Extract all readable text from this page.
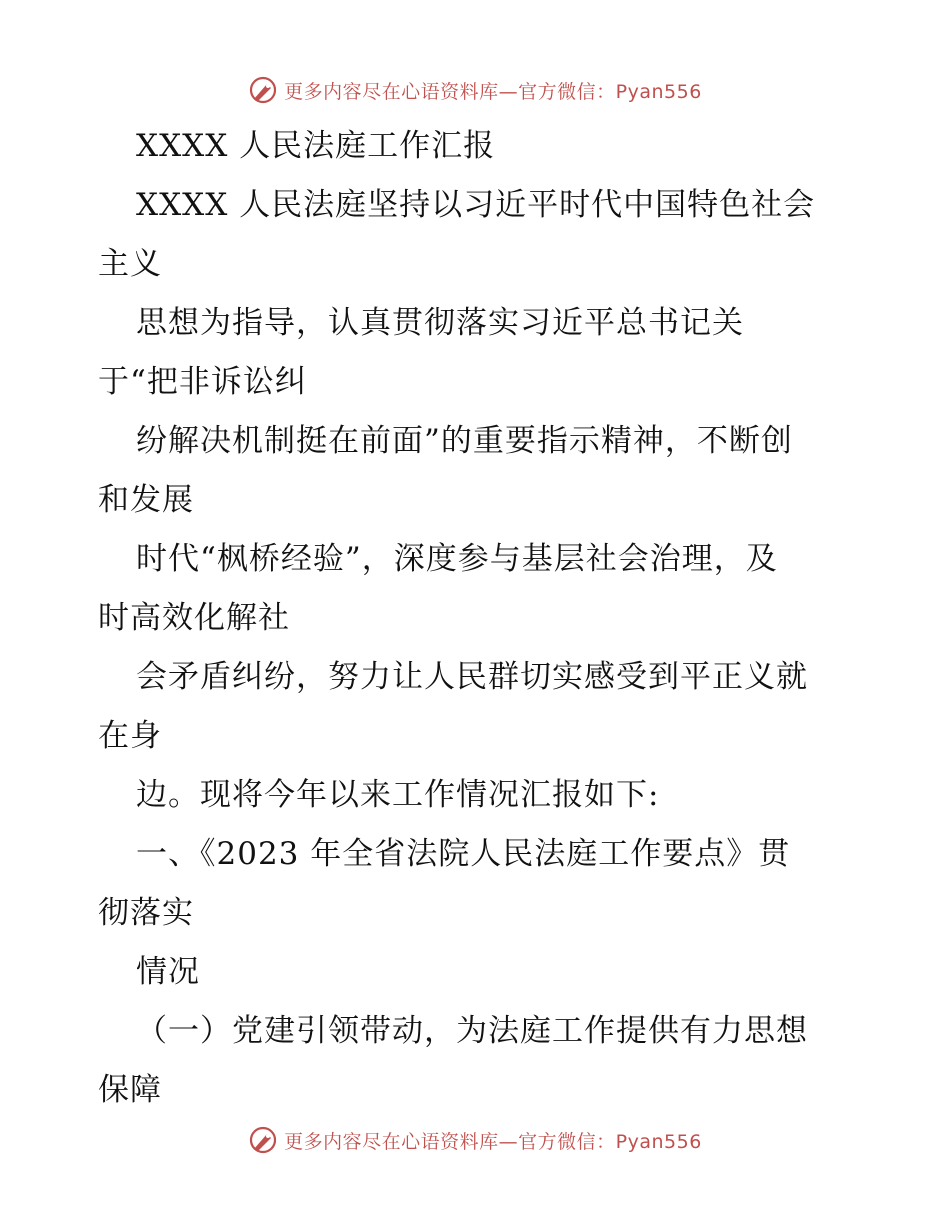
更多内容尽在心语资料库—官方微信：Pyan556
XXXX 人民法庭工作汇报
XXXX 人民法庭坚持以习近平时代中国特色社会
主义
思想为指导，认真贯彻落实习近平总书记关
于“把非诉讼纠
纷解决机制挺在前面”的重要指示精神，不断创
和发展
时代“枫桥经验”，深度参与基层社会治理，及
时高效化解社
会矛盾纠纷，努力让人民群切实感受到平正义就
在身
边。现将今年以来工作情况汇报如下:
一、《2023 年全省法院人民法庭工作要点》贯
彻落实
情况
（一）党建引领带动，为法庭工作提供有力思想
保障
更多内容尽在心语资料库—官方微信：Pyan556
